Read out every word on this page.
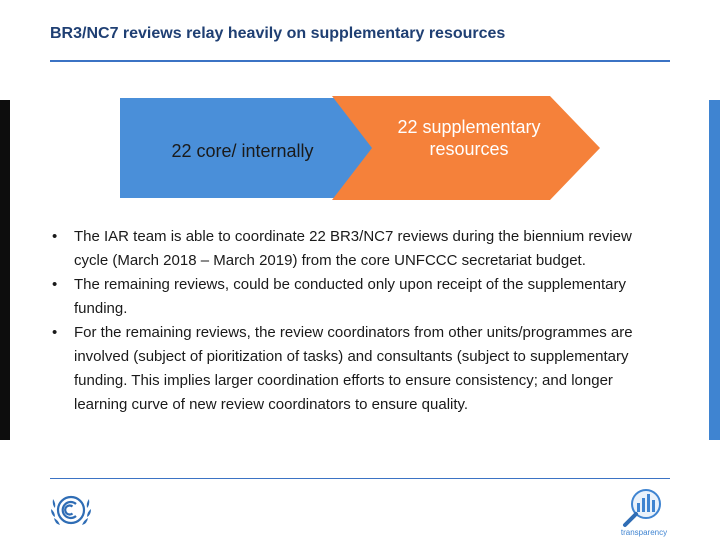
BR3/NC7 reviews relay heavily on supplementary resources
22 core/ internally
22 supplementary resources
• The IAR team is able to coordinate 22 BR3/NC7 reviews during the biennium review cycle (March 2018 – March 2019) from the core UNFCCC secretariat budget.
• The remaining reviews, could be conducted only upon receipt of the supplementary funding.
• For the remaining reviews, the review coordinators from other units/programmes are involved (subject of pioritization of tasks) and consultants (subject to supplementary funding. This implies larger coordination efforts to ensure consistency; and longer learning curve of new review coordinators to ensure quality.
transparency
